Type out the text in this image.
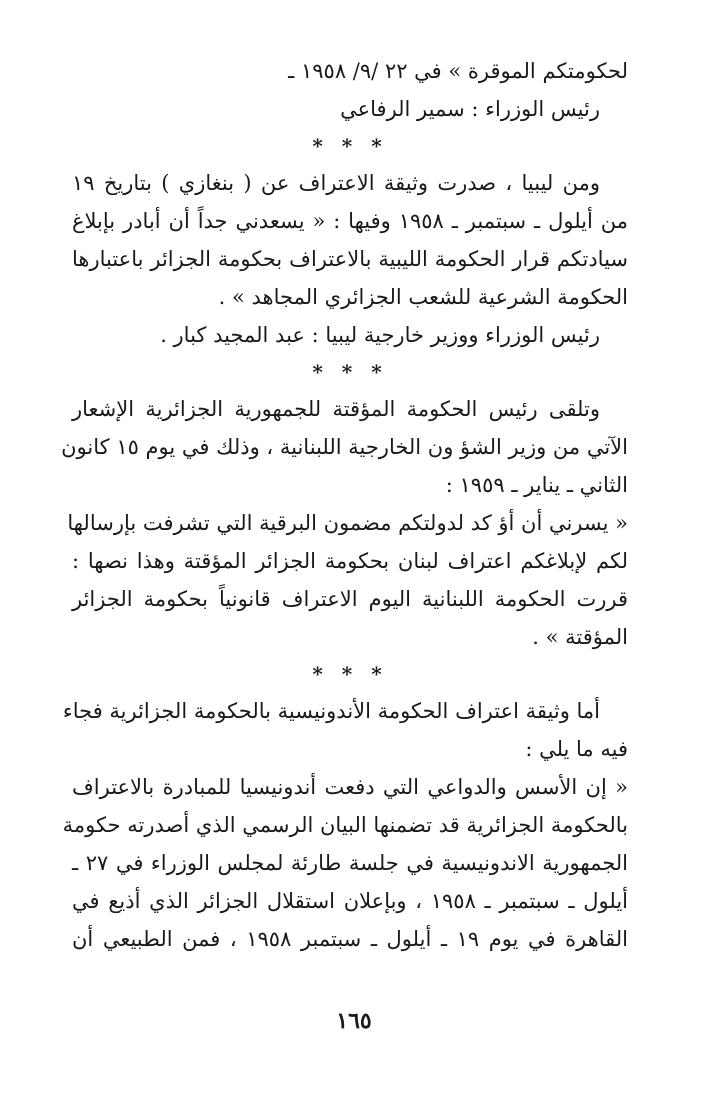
لحكومتكم الموقرة » في ٢٢ /٩/ ١٩٥٨ ـ
رئيس الوزراء : سمير الرفاعي
* * *
ومن ليبيا ، صدرت وثيقة الاعتراف عن ( بنغازي ) بتاريخ ١٩
من أيلول ـ سبتمبر ـ ١٩٥٨ وفيها : « يسعدني جداً أن أبادر بإبلاغ
سيادتكم قرار الحكومة الليبية بالاعتراف بحكومة الجزائر باعتبارها
الحكومة الشرعية للشعب الجزائري المجاهد » .
رئيس الوزراء ووزير خارجية ليبيا : عبد المجيد كبار .
* * *
وتلقى رئيس الحكومة المؤقتة للجمهورية الجزائرية الإشعار
الآتي من وزير الشؤ ون الخارجية اللبنانية ، وذلك في يوم ١٥ كانون
الثاني ـ يناير ـ ١٩٥٩ :
« يسرني أن أؤ كد لدولتكم مضمون البرقية التي تشرفت بإرسالها
لكم لإبلاغكم اعتراف لبنان بحكومة الجزائر المؤقتة وهذا نصها :
قررت الحكومة اللبنانية اليوم الاعتراف قانونياً بحكومة الجزائر
المؤقتة » .
* * *
أما وثيقة اعتراف الحكومة الأندونيسية بالحكومة الجزائرية فجاء
فيه ما يلي :
« إن الأسس والدواعي التي دفعت أندونيسيا للمبادرة بالاعتراف
بالحكومة الجزائرية قد تضمنها البيان الرسمي الذي أصدرته حكومة
الجمهورية الاندونيسية في جلسة طارئة لمجلس الوزراء في ٢٧ ـ
أيلول ـ سبتمبر ـ ١٩٥٨ ، وبإعلان استقلال الجزائر الذي أذيع في
القاهرة في يوم ١٩ ـ أيلول ـ سبتمبر ١٩٥٨ ، فمن الطبيعي أن
١٦٥
